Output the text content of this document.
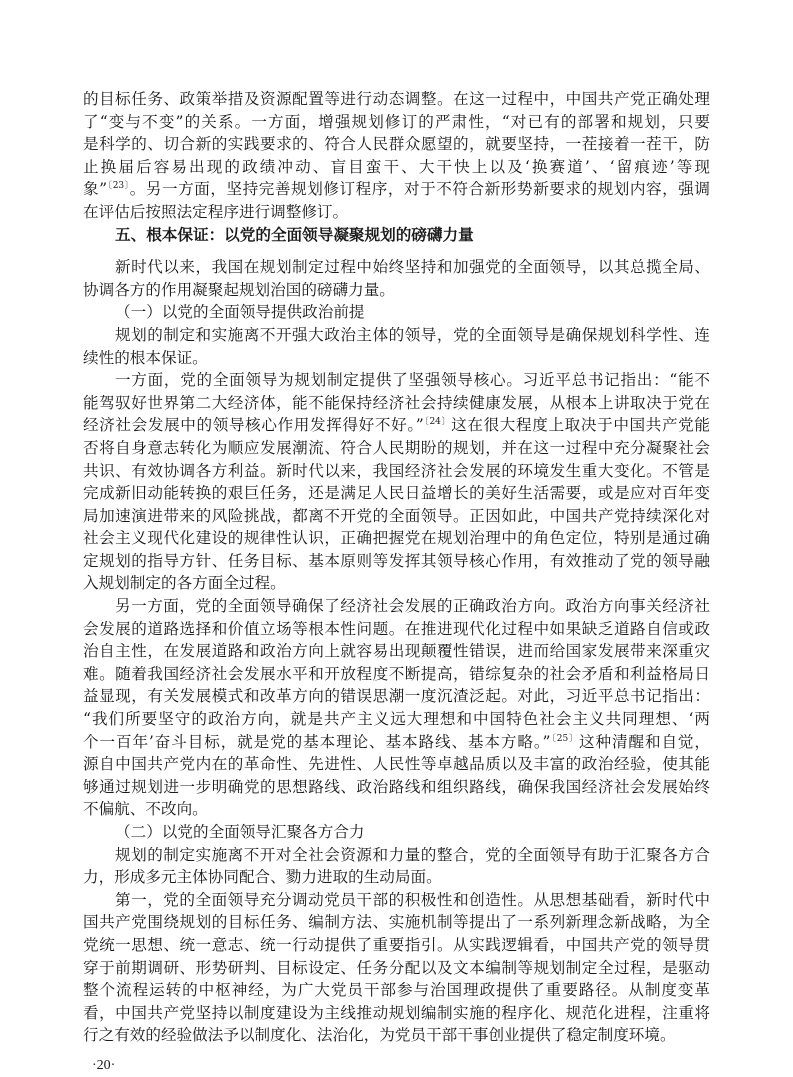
的目标任务、政策举措及资源配置等进行动态调整。在这一过程中，中国共产党正确处理
了“变与不变”的关系。一方面，增强规划修订的严肃性，“对已有的部署和规划，只要
是科学的、切合新的实践要求的、符合人民群众愿望的，就要坚持，一茬接着一茬干，防
止换届后容易出现的政绩冲动、盲目蛮干、大干快上以及‘换赛道’、‘留痕迹’等现
象”$^{〔23〕}$。另一方面，坚持完善规划修订程序，对于不符合新形势新要求的规划内容，强调
在评估后按照法定程序进行调整修订。
五、根本保证：以党的全面领导凝聚规划的磅礴力量
新时代以来，我国在规划制定过程中始终坚持和加强党的全面领导，以其总揽全局、
协调各方的作用凝聚起规划治国的磅礴力量。
（一）以党的全面领导提供政治前提
规划的制定和实施离不开强大政治主体的领导，党的全面领导是确保规划科学性、连
续性的根本保证。
一方面，党的全面领导为规划制定提供了坚强领导核心。习近平总书记指出：“能不
能驾驭好世界第二大经济体，能不能保持经济社会持续健康发展，从根本上讲取决于党在
经济社会发展中的领导核心作用发挥得好不好。”$^{〔24〕}$这在很大程度上取决于中国共产党能
否将自身意志转化为顺应发展潮流、符合人民期盼的规划，并在这一过程中充分凝聚社会
共识、有效协调各方利益。新时代以来，我国经济社会发展的环境发生重大变化。不管是
完成新旧动能转换的艰巨任务，还是满足人民日益增长的美好生活需要，或是应对百年变
局加速演进带来的风险挑战，都离不开党的全面领导。正因如此，中国共产党持续深化对
社会主义现代化建设的规律性认识，正确把握党在规划治理中的角色定位，特别是通过确
定规划的指导方针、任务目标、基本原则等发挥其领导核心作用，有效推动了党的领导融
入规划制定的各方面全过程。
另一方面，党的全面领导确保了经济社会发展的正确政治方向。政治方向事关经济社
会发展的道路选择和价值立场等根本性问题。在推进现代化过程中如果缺乏道路自信或政
治自主性，在发展道路和政治方向上就容易出现颠覆性错误，进而给国家发展带来深重灾
难。随着我国经济社会发展水平和开放程度不断提高，错综复杂的社会矛盾和利益格局日
益显现，有关发展模式和改革方向的错误思潮一度沉渣泛起。对此，习近平总书记指出：
“我们所要坚守的政治方向，就是共产主义远大理想和中国特色社会主义共同理想、‘两
个一百年’奋斗目标，就是党的基本理论、基本路线、基本方略。”$^{〔25〕}$这种清醒和自觉，
源自中国共产党内在的革命性、先进性、人民性等卓越品质以及丰富的政治经验，使其能
够通过规划进一步明确党的思想路线、政治路线和组织路线，确保我国经济社会发展始终
不偏航、不改向。
（二）以党的全面领导汇聚各方合力
规划的制定实施离不开对全社会资源和力量的整合，党的全面领导有助于汇聚各方合
力，形成多元主体协同配合、勠力进取的生动局面。
第一，党的全面领导充分调动党员干部的积极性和创造性。从思想基础看，新时代中
国共产党围绕规划的目标任务、编制方法、实施机制等提出了一系列新理念新战略，为全
党统一思想、统一意志、统一行动提供了重要指引。从实践逻辑看，中国共产党的领导贯
穿于前期调研、形势研判、目标设定、任务分配以及文本编制等规划制定全过程，是驱动
整个流程运转的中枢神经，为广大党员干部参与治国理政提供了重要路径。从制度变革
看，中国共产党坚持以制度建设为主线推动规划编制实施的程序化、规范化进程，注重将
行之有效的经验做法予以制度化、法治化，为党员干部干事创业提供了稳定制度环境。
·20·
